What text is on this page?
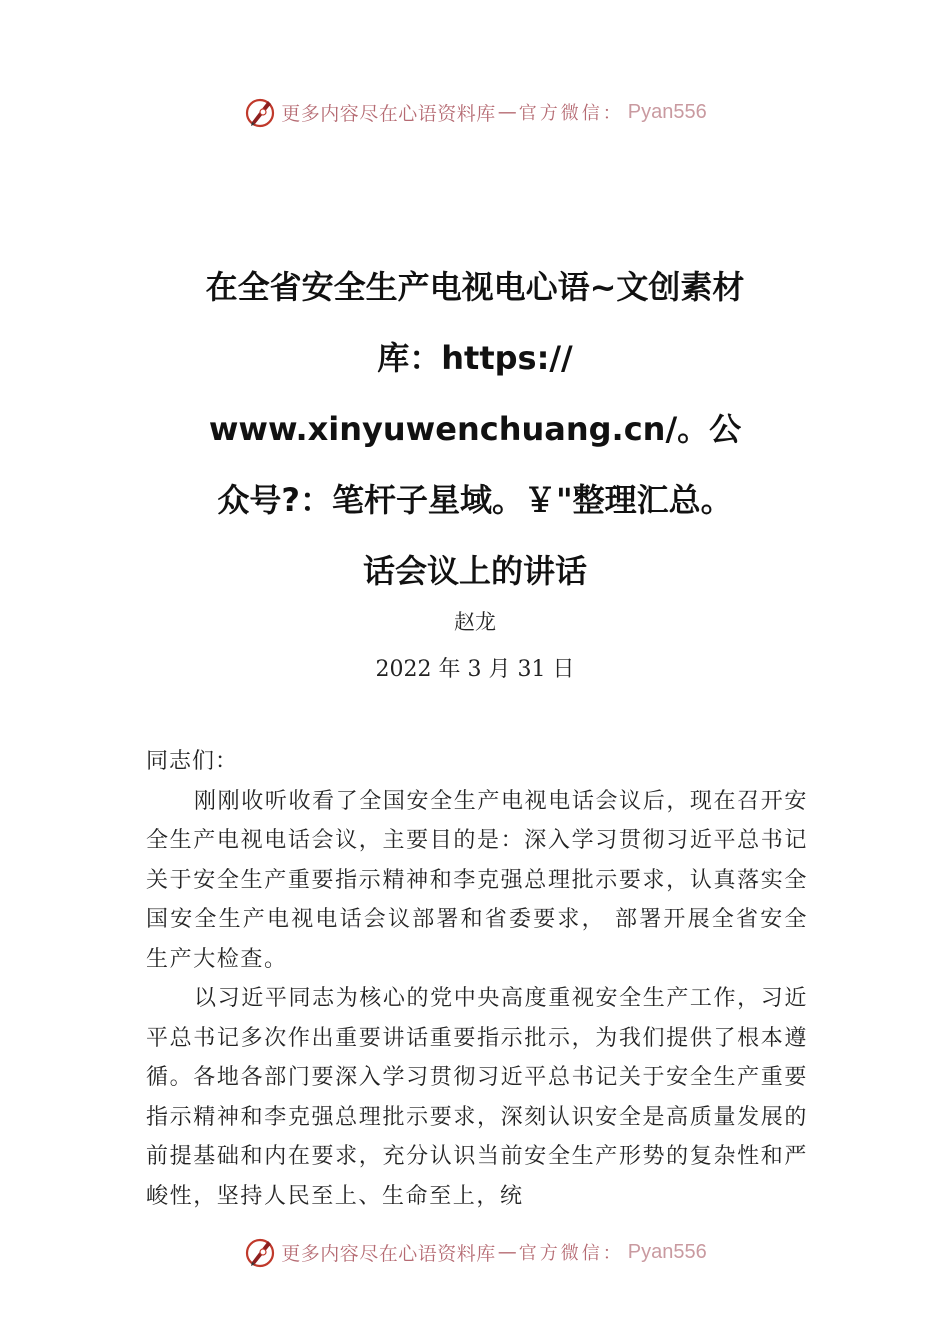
更多内容尽在心语资料库 — 官方微信： Pyan556
在全省安全生产电视电心语~文创素材
库：https://
www.xinyuwenchuang.cn/。公
众号?：笔杆子星域。￥"整理汇总。
话会议上的讲话
赵龙
2022 年 3 月 31 日

同志们：

刚刚收听收看了全国安全生产电视电话会议后，现在召开安全生产电视电话会议，主要目的是：深入学习贯彻习近平总书记关于安全生产重要指示精神和李克强总理批示要求，认真落实全国安全生产电视电话会议部署和省委要求， 部署开展全省安全生产大检查。

以习近平同志为核心的党中央高度重视安全生产工作，习近平总书记多次作出重要讲话重要指示批示，为我们提供了根本遵循。各地各部门要深入学习贯彻习近平总书记关于安全生产重要指示精神和李克强总理批示要求，深刻认识安全是高质量发展的前提基础和内在要求，充分认识当前安全生产形势的复杂性和严峻性，坚持人民至上、生命至上，统

更多内容尽在心语资料库 — 官方微信： Pyan556
